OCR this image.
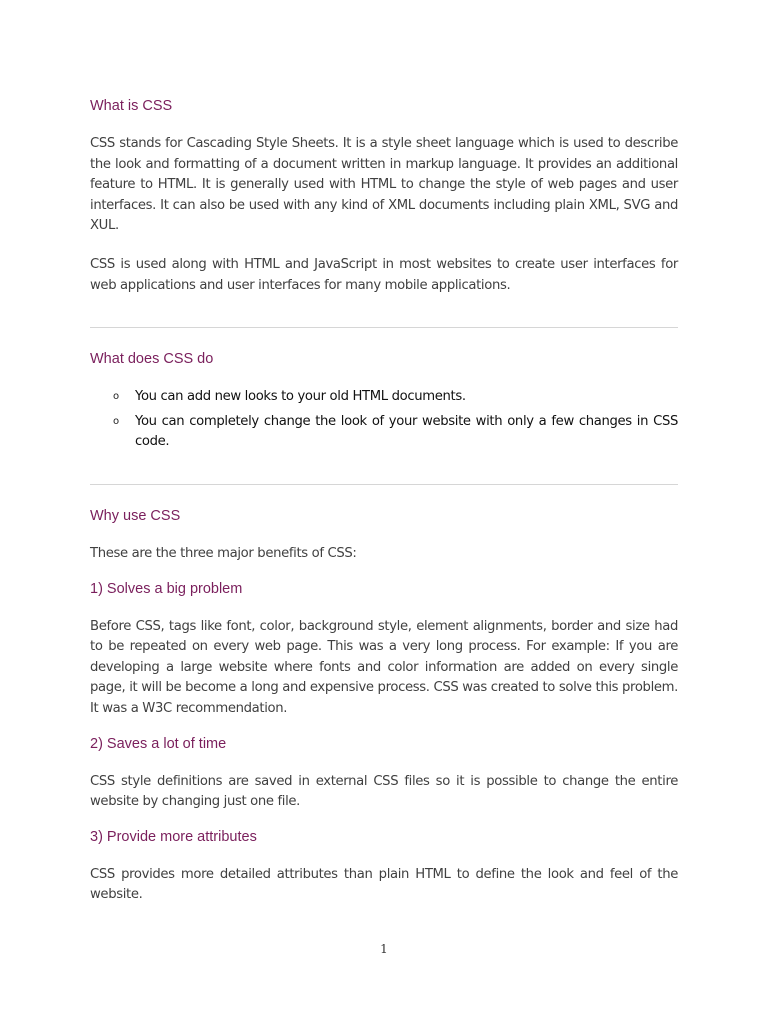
What is CSS

CSS stands for Cascading Style Sheets. It is a style sheet language which is used to describe the look and formatting of a document written in markup language. It provides an additional feature to HTML. It is generally used with HTML to change the style of web pages and user interfaces. It can also be used with any kind of XML documents including plain XML, SVG and XUL.

CSS is used along with HTML and JavaScript in most websites to create user interfaces for web applications and user interfaces for many mobile applications.

What does CSS do
o You can add new looks to your old HTML documents.
o You can completely change the look of your website with only a few changes in CSS code.
Why use CSS

These are the three major benefits of CSS:

1) Solves a big problem

Before CSS, tags like font, color, background style, element alignments, border and size had to be repeated on every web page. This was a very long process. For example: If you are developing a large website where fonts and color information are added on every single page, it will be become a long and expensive process. CSS was created to solve this problem. It was a W3C recommendation.

2) Saves a lot of time

CSS style definitions are saved in external CSS files so it is possible to change the entire website by changing just one file.

3) Provide more attributes

CSS provides more detailed attributes than plain HTML to define the look and feel of the website.

1
